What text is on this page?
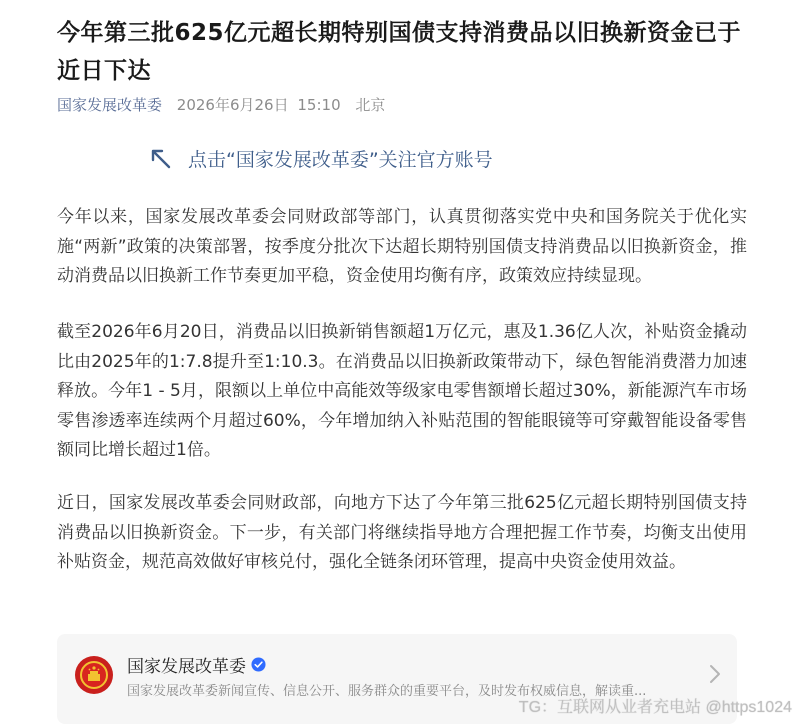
今年第三批625亿元超长期特别国债支持消费品以旧换新资金已于近日下达
国家发展改革委 2026年6月26日 15:10 北京
点击“国家发展改革委”关注官方账号

今年以来，国家发展改革委会同财政部等部门，认真贯彻落实党中央和国务院关于优化实施“两新”政策的决策部署，按季度分批次下达超长期特别国债支持消费品以旧换新资金，推动消费品以旧换新工作节奏更加平稳，资金使用均衡有序，政策效应持续显现。

截至2026年6月20日，消费品以旧换新销售额超1万亿元，惠及1.36亿人次，补贴资金撬动比由2025年的1:7.8提升至1:10.3。在消费品以旧换新政策带动下，绿色智能消费潜力加速释放。今年1 - 5月，限额以上单位中高能效等级家电零售额增长超过30%，新能源汽车市场零售渗透率连续两个月超过60%，今年增加纳入补贴范围的智能眼镜等可穿戴智能设备零售额同比增长超过1倍。

近日，国家发展改革委会同财政部，向地方下达了今年第三批625亿元超长期特别国债支持消费品以旧换新资金。下一步，有关部门将继续指导地方合理把握工作节奏，均衡支出使用补贴资金，规范高效做好审核兑付，强化全链条闭环管理，提高中央资金使用效益。

国家发展改革委
国家发展改革委新闻宣传、信息公开、服务群众的重要平台，及时发布权威信息，解读重...
TG：互联网从业者充电站 @https1024
